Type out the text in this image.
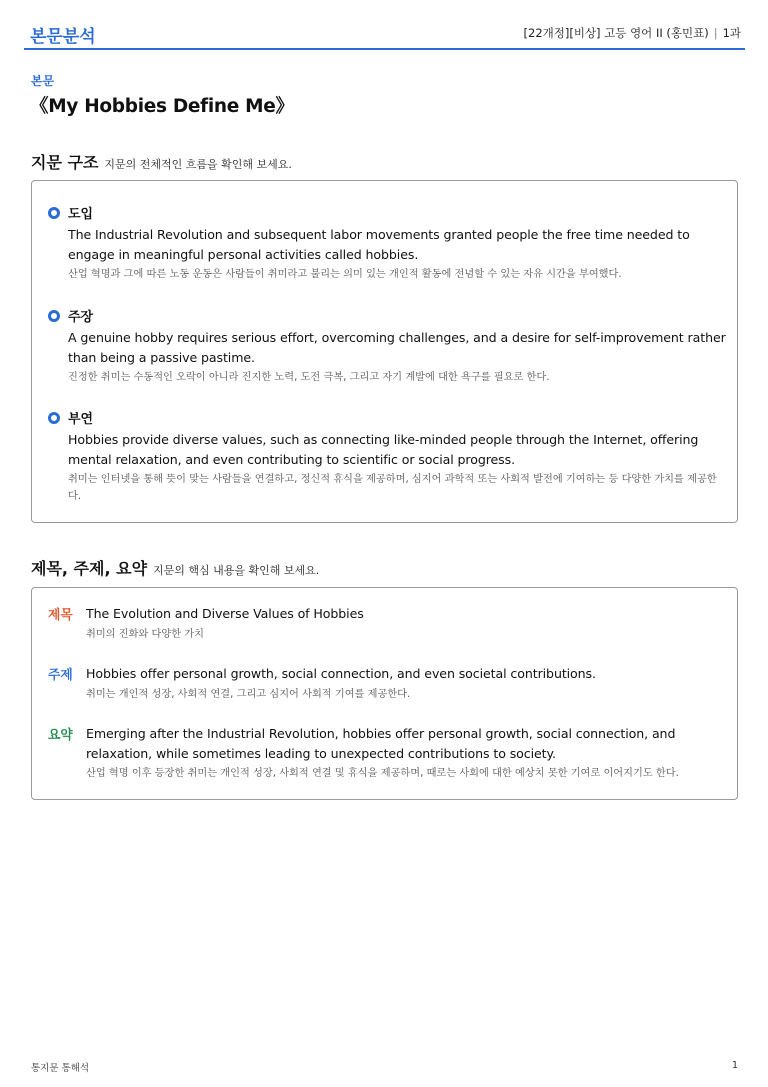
본문분석	[22개정][비상] 고등 영어 II (홍민표) | 1과
본문
《My Hobbies Define Me》
지문 구조 지문의 전체적인 흐름을 확인해 보세요.
도입
The Industrial Revolution and subsequent labor movements granted people the free time needed to engage in meaningful personal activities called hobbies.
산업 혁명과 그에 따른 노동 운동은 사람들이 취미라고 불리는 의미 있는 개인적 활동에 전념할 수 있는 자유 시간을 부여했다.
주장
A genuine hobby requires serious effort, overcoming challenges, and a desire for self-improvement rather than being a passive pastime.
진정한 취미는 수동적인 오락이 아니라 진지한 노력, 도전 극복, 그리고 자기 계발에 대한 욕구를 필요로 한다.
부연
Hobbies provide diverse values, such as connecting like-minded people through the Internet, offering mental relaxation, and even contributing to scientific or social progress.
취미는 인터넷을 통해 뜻이 맞는 사람들을 연결하고, 정신적 휴식을 제공하며, 심지어 과학적 또는 사회적 발전에 기여하는 등 다양한 가치를 제공한다.
제목, 주제, 요약 지문의 핵심 내용을 확인해 보세요.
제목 The Evolution and Diverse Values of Hobbies
취미의 진화와 다양한 가치
주제 Hobbies offer personal growth, social connection, and even societal contributions.
취미는 개인적 성장, 사회적 연결, 그리고 심지어 사회적 기여를 제공한다.
요약 Emerging after the Industrial Revolution, hobbies offer personal growth, social connection, and relaxation, while sometimes leading to unexpected contributions to society.
산업 혁명 이후 등장한 취미는 개인적 성장, 사회적 연결 및 휴식을 제공하며, 때로는 사회에 대한 예상치 못한 기여로 이어지기도 한다.
통지문 통해석	1
